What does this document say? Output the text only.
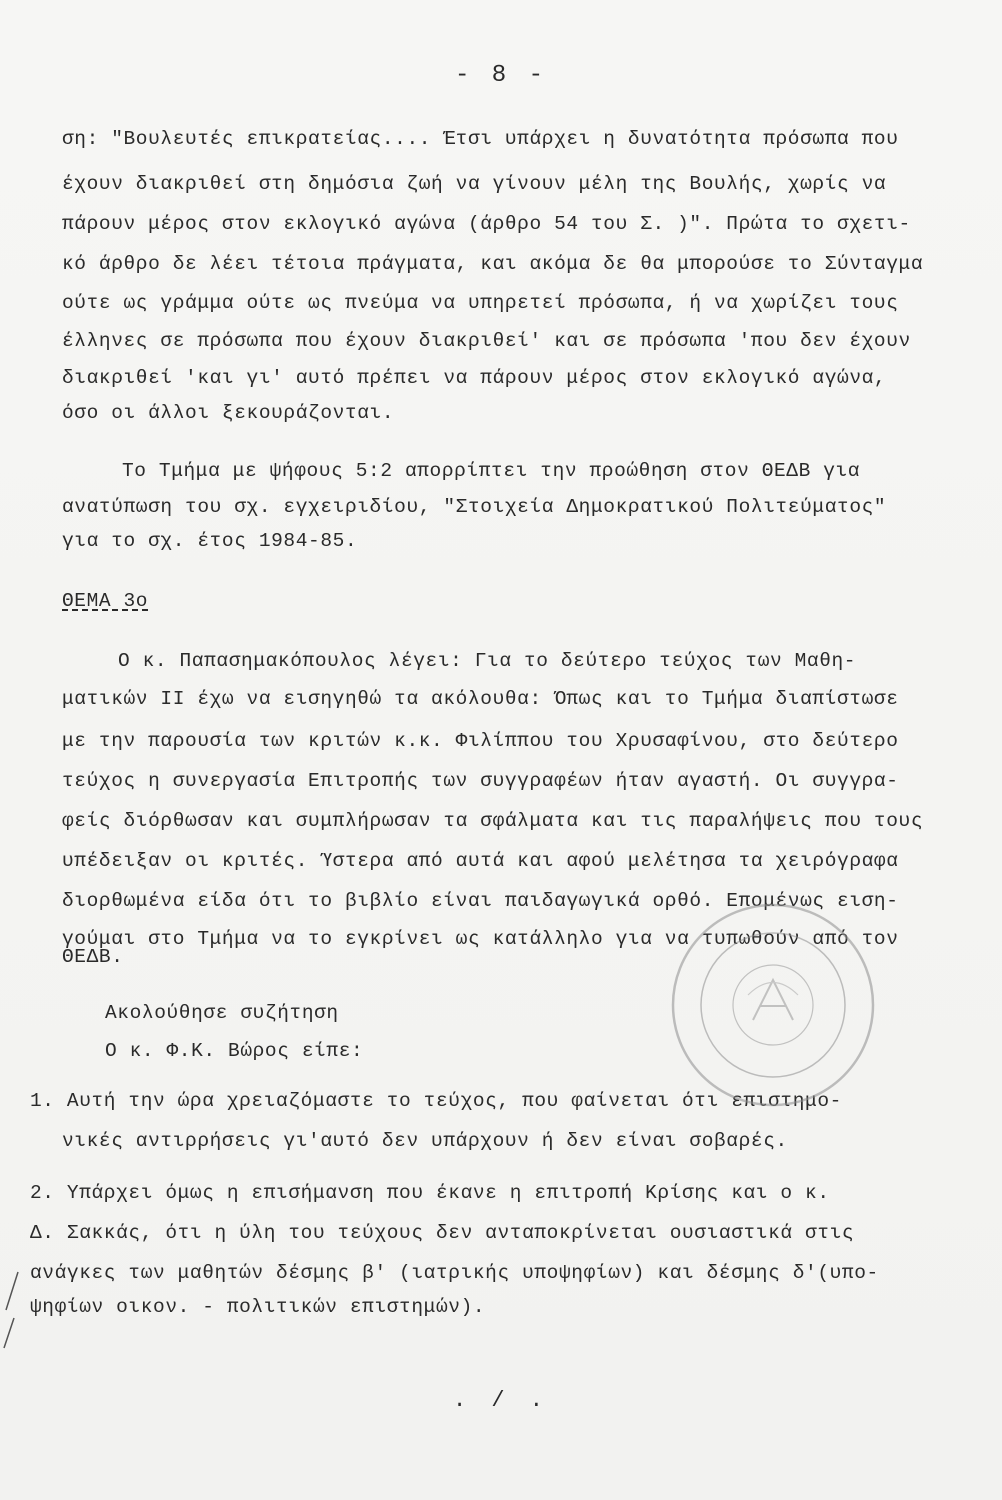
- 8 -
ση: "Βουλευτές επικρατείας.... Έτσι υπάρχει η δυνατότητα πρόσωπα που
έχουν διακριθεί στη δημόσια ζωή να γίνουν μέλη της Βουλής, χωρίς να
πάρουν μέρος στον εκλογικό αγώνα (άρθρο 54 του Σ. )". Πρώτα το σχετι-
κό άρθρο δε λέει τέτοια πράγματα, και ακόμα δε θα μπορούσε το Σύνταγμα
ούτε ως γράμμα ούτε ως πνεύμα να υπηρετεί πρόσωπα, ή να χωρίζει τους
έλληνες σε πρόσωπα που έχουν διακριθεί' και σε πρόσωπα 'που δεν έχουν
διακριθεί 'και γι' αυτό πρέπει να πάρουν μέρος στον εκλογικό αγώνα,
όσο οι άλλοι ξεκουράζονται.
Το Τμήμα με ψήφους 5:2 απορρίπτει την προώθηση στον ΘΕΔΒ για
ανατύπωση του σχ. εγχειριδίου, "Στοιχεία Δημοκρατικού Πολιτεύματος"
για το σχ. έτος 1984-85.
ΘΕΜΑ 3ο
Ο κ. Παπασημακόπουλος λέγει: Για το δεύτερο τεύχος των Μαθη-
ματικών ΙΙ έχω να εισηγηθώ τα ακόλουθα: Όπως και το Τμήμα διαπίστωσε
με την παρουσία των κριτών κ.κ. Φιλίππου του Χρυσαφίνου, στο δεύτερο
τεύχος η συνεργασία Επιτροπής των συγγραφέων ήταν αγαστή. Οι συγγρα-
φείς διόρθωσαν και συμπλήρωσαν τα σφάλματα και τις παραλήψεις που τους
υπέδειξαν οι κριτές. Ύστερα από αυτά και αφού μελέτησα τα χειρόγραφα
διορθωμένα είδα ότι το βιβλίο είναι παιδαγωγικά ορθό. Επομένως ειση-
γούμαι στο Τμήμα να το εγκρίνει ως κατάλληλο για να τυπωθούν από τον
ΘΕΔΒ.
Ακολούθησε συζήτηση
Ο κ. Φ.Κ. Βώρος είπε:
1. Αυτή την ώρα χρειαζόμαστε το τεύχος, που φαίνεται ότι επιστημο-
νικές αντιρρήσεις γι'αυτό δεν υπάρχουν ή δεν είναι σοβαρές.
2. Υπάρχει όμως η επισήμανση που έκανε η επιτροπή Κρίσης και ο κ.
Δ. Σακκάς, ότι η ύλη του τεύχους δεν ανταποκρίνεται ουσιαστικά στις
ανάγκες των μαθητών δέσμης β' (ιατρικής υποψηφίων) και δέσμης δ'(υπο-
ψηφίων οικον. - πολιτικών επιστημών).
. / .
